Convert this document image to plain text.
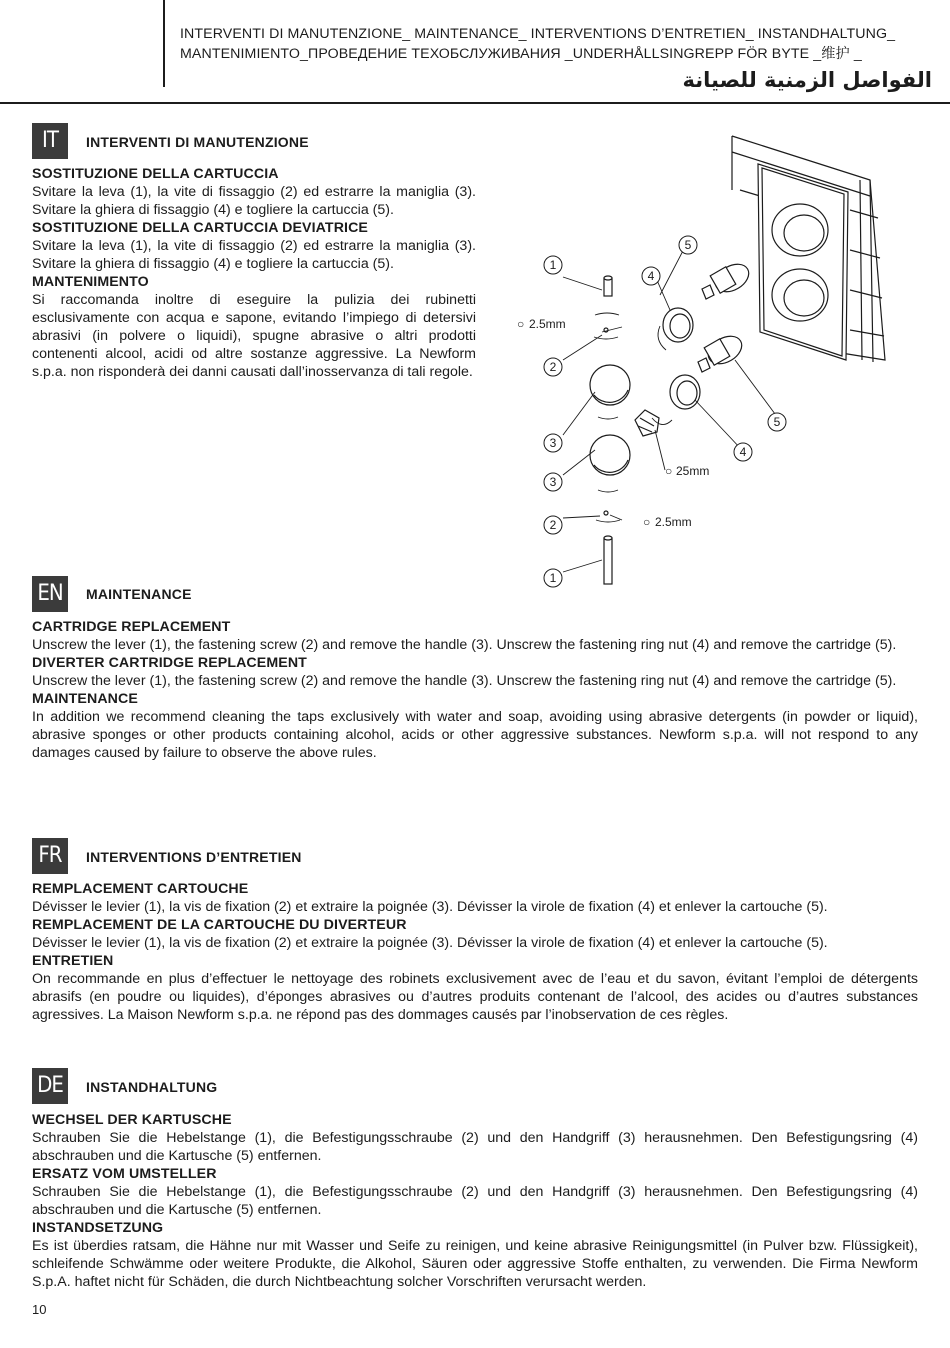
INTERVENTI DI MANUTENZIONE_ MAINTENANCE_ INTERVENTIONS D’ENTRETIEN_ INSTANDHALTUNG_
MANTENIMIENTO_ПРОВЕДЕНИЕ ТЕХОБСЛУЖИВАНИЯ _UNDERHÅLLSINGREPP FÖR BYTE _维护 _
الفواصل الزمنية للصيانة
IT	INTERVENTI DI MANUTENZIONE
SOSTITUZIONE DELLA CARTUCCIA
Svitare la leva (1), la vite di fissaggio (2) ed estrarre la maniglia (3). Svitare la ghiera di fissaggio (4) e togliere la cartuccia (5).
SOSTITUZIONE DELLA CARTUCCIA DEVIATRICE
Svitare la leva (1), la vite di fissaggio (2) ed estrarre la maniglia (3). Svitare la ghiera di fissaggio (4) e togliere la cartuccia (5).
MANTENIMENTO
Si raccomanda inoltre di eseguire la pulizia dei rubinetti esclusivamente con acqua e sapone, evitando l’impiego di detersivi abrasivi (in polvere o liquidi), spugne abrasive o altri prodotti contenenti alcool, acidi od altre sostanze aggressive. La Newform s.p.a. non risponderà dei danni causati dall’inosservanza di tali regole.
1
2
3
3
2
1
4
5
4
5
○ 2.5mm
○ 25mm
○ 2.5mm
EN	MAINTENANCE
CARTRIDGE REPLACEMENT
Unscrew the lever (1), the fastening screw (2) and remove the handle (3). Unscrew the fastening ring nut (4) and remove the cartridge (5).
DIVERTER CARTRIDGE REPLACEMENT
Unscrew the lever (1), the fastening screw (2) and remove the handle (3). Unscrew the fastening ring nut (4) and remove the cartridge (5).
MAINTENANCE
In addition we recommend cleaning the taps exclusively with water and soap, avoiding using abrasive detergents (in powder or liquid), abrasive sponges or other products containing alcohol, acids or other aggressive substances. Newform s.p.a. will not respond to any damages caused by failure to observe the above rules.
FR	INTERVENTIONS D’ENTRETIEN
REMPLACEMENT CARTOUCHE
Dévisser le levier (1), la vis de fixation (2) et extraire la poignée (3). Dévisser la virole de fixation (4) et enlever la cartouche (5).
REMPLACEMENT DE LA CARTOUCHE DU DIVERTEUR
Dévisser le levier (1), la vis de fixation (2) et extraire la poignée (3). Dévisser la virole de fixation (4) et enlever la cartouche (5).
ENTRETIEN
On recommande en plus d’effectuer le nettoyage des robinets exclusivement avec de l’eau et du savon, évitant l’emploi de détergents abrasifs (en poudre ou liquides), d’éponges abrasives ou d’autres produits contenant de l’alcool, des acides ou d’autres substances agressives. La Maison Newform s.p.a. ne répond pas des dommages causés par l’inobservation de ces règles.
DE	INSTANDHALTUNG
WECHSEL DER KARTUSCHE
Schrauben Sie die Hebelstange (1), die Befestigungsschraube (2) und den Handgriff (3) herausnehmen. Den Befestigungsring (4) abschrauben und die Kartusche (5) entfernen.
ERSATZ VOM UMSTELLER
Schrauben Sie die Hebelstange (1), die Befestigungsschraube (2) und den Handgriff (3) herausnehmen. Den Befestigungsring (4) abschrauben und die Kartusche (5) entfernen.
INSTANDSETZUNG
Es ist überdies ratsam, die Hähne nur mit Wasser und Seife zu reinigen, und keine abrasive Reinigungsmittel (in Pulver bzw. Flüssigkeit), schleifende Schwämme oder weitere Produkte, die Alkohol, Säuren oder aggressive Stoffe enthalten, zu verwenden. Die Firma Newform S.p.A. haftet nicht für Schäden, die durch Nichtbeachtung solcher Vorschriften verursacht werden.
10
